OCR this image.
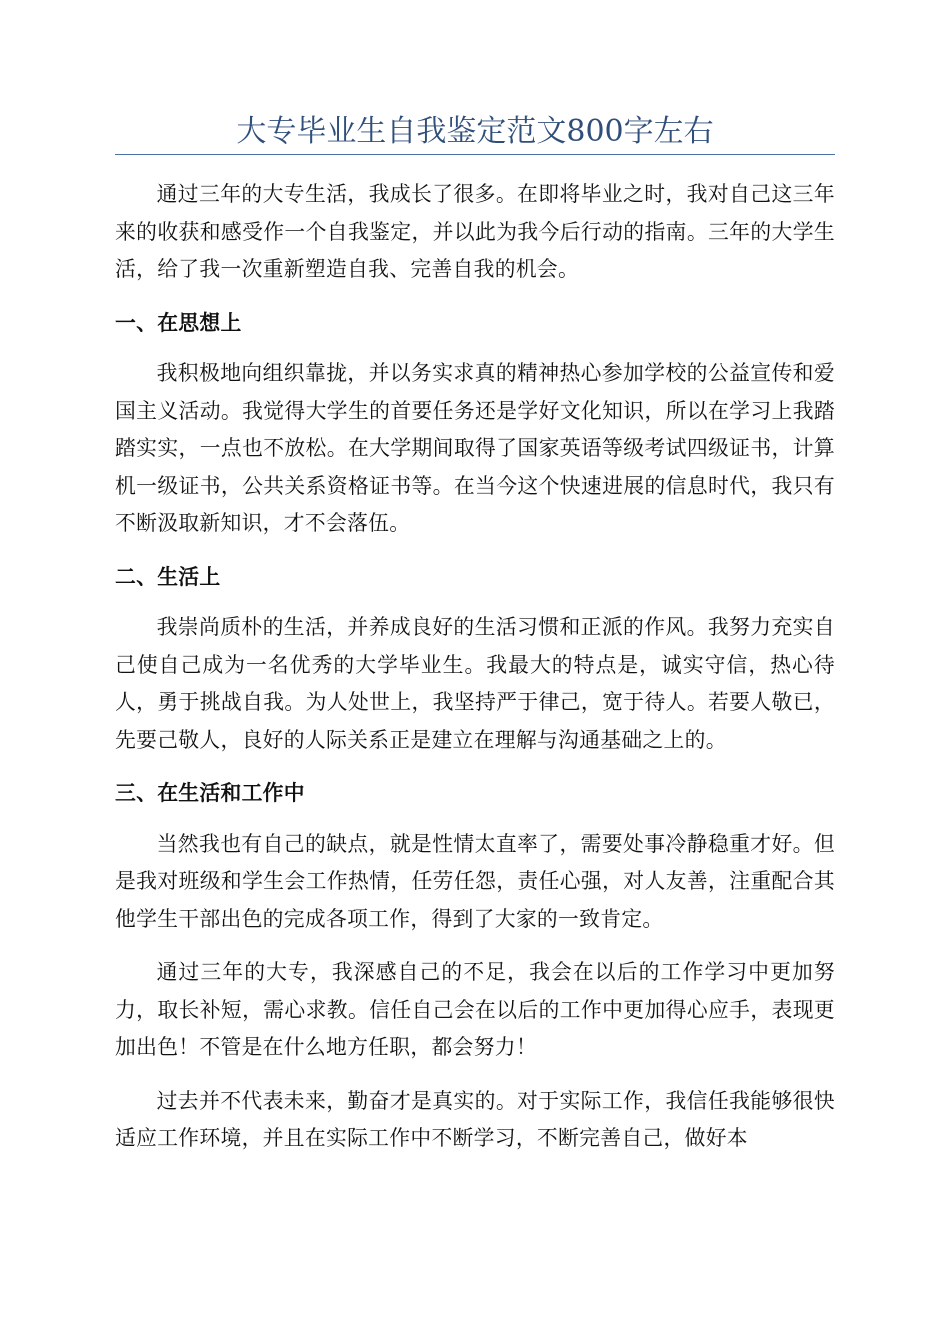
大专毕业生自我鉴定范文800字左右

通过三年的大专生活，我成长了很多。在即将毕业之时，我对自己这三年来的收获和感受作一个自我鉴定，并以此为我今后行动的指南。三年的大学生活，给了我一次重新塑造自我、完善自我的机会。

一、在思想上

我积极地向组织靠拢，并以务实求真的精神热心参加学校的公益宣传和爱国主义活动。我觉得大学生的首要任务还是学好文化知识，所以在学习上我踏踏实实，一点也不放松。在大学期间取得了国家英语等级考试四级证书，计算机一级证书，公共关系资格证书等。在当今这个快速进展的信息时代，我只有不断汲取新知识，才不会落伍。

二、生活上

我崇尚质朴的生活，并养成良好的生活习惯和正派的作风。我努力充实自己使自己成为一名优秀的大学毕业生。我最大的特点是，诚实守信，热心待人，勇于挑战自我。为人处世上，我坚持严于律己，宽于待人。若要人敬已，先要己敬人，良好的人际关系正是建立在理解与沟通基础之上的。

三、在生活和工作中

当然我也有自己的缺点，就是性情太直率了，需要处事冷静稳重才好。但是我对班级和学生会工作热情，任劳任怨，责任心强，对人友善，注重配合其他学生干部出色的完成各项工作，得到了大家的一致肯定。

通过三年的大专，我深感自己的不足，我会在以后的工作学习中更加努力，取长补短，需心求教。信任自己会在以后的工作中更加得心应手，表现更加出色！不管是在什么地方任职，都会努力！

过去并不代表未来，勤奋才是真实的。对于实际工作，我信任我能够很快适应工作环境，并且在实际工作中不断学习，不断完善自己，做好本
